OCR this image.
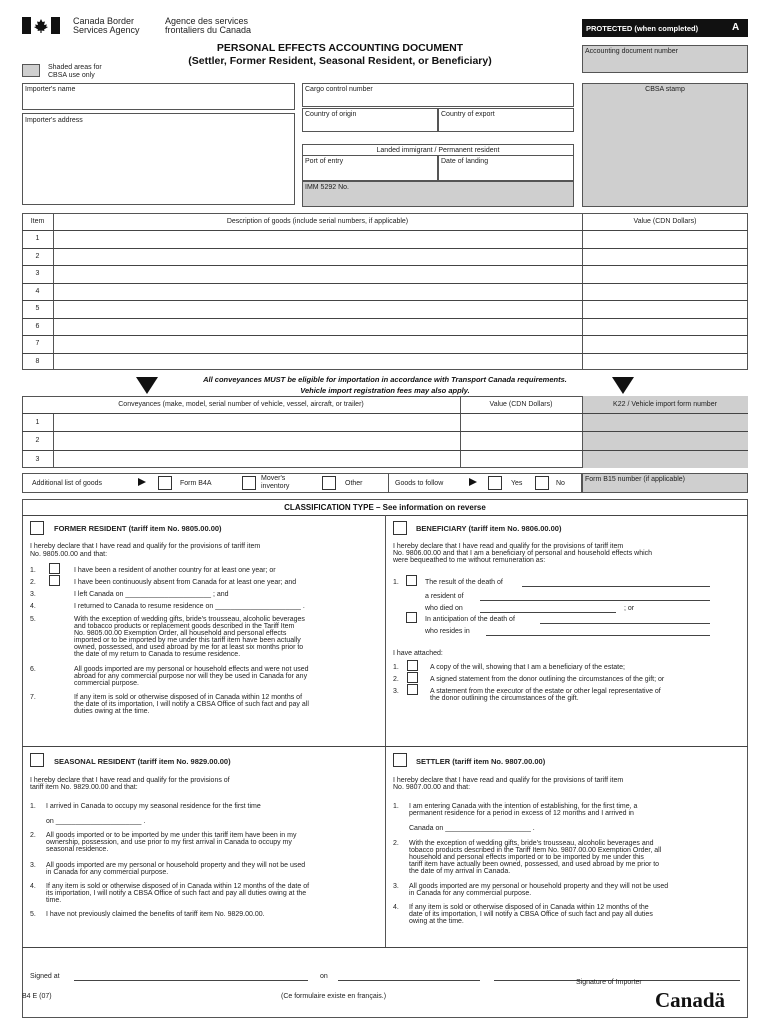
Canada Border
Services Agency
Agence des services
frontaliers du Canada	PROTECTED (when completed)	A
PERSONAL EFFECTS ACCOUNTING DOCUMENT
(Settler, Former Resident, Seasonal Resident, or Beneficiary)
Shaded areas for
CBSA use only
Accounting document number
Importer's name
Importer's address
Cargo control number
Country of origin	Country of export
Landed immigrant / Permanent resident
Port of entry	Date of landing
IMM 5292 No.
CBSA stamp
Item	Description of goods (include serial numbers, if applicable)	Value (CDN Dollars)
1
2
3
4
5
6
7
8
All conveyances MUST be eligible for importation in accordance with Transport Canada requirements.
Vehicle import registration fees may also apply.
Conveyances (make, model, serial number of vehicle, vessel, aircraft, or trailer)	Value (CDN Dollars)	K22 / Vehicle import form number
1
2
3
Additional list of goods	Form B4A
Mover's
inventory	Other	Goods to follow	Yes	No
Form B15 number (if applicable)
CLASSIFICATION TYPE – See information on reverse
FORMER RESIDENT (tariff item No. 9805.00.00)
I hereby declare that I have read and qualify for the provisions of tariff item
No. 9805.00.00 and that:
1.	I have been a resident of another country for at least one year; or
2.	I have been continuously absent from Canada for at least one year; and
3.	I left Canada on ______________________ ; and
4.	I returned to Canada to resume residence on ______________________ .
5.	With the exception of wedding gifts, bride's trousseau, alcoholic beverages
and tobacco products or replacement goods described in the Tariff Item
No. 9805.00.00 Exemption Order, all household and personal effects
imported or to be imported by me under this tariff item have been actually
owned, possessed, and used abroad by me for at least six months prior to
the date of my return to Canada to resume residence.
6.	All goods imported are my personal or household effects and were not used
abroad for any commercial purpose nor will they be used in Canada for any
commercial purpose.
7.	If any item is sold or otherwise disposed of in Canada within 12 months of
the date of its importation, I will notify a CBSA Office of such fact and pay all
duties owing at the time.
BENEFICIARY (tariff item No. 9806.00.00)
I hereby declare that I have read and qualify for the provisions of tariff item
No. 9806.00.00 and that I am a beneficiary of personal and household effects which
were bequeathed to me without remuneration as:
1.	The result of the death of
a resident of
who died on	; or
In anticipation of the death of
who resides in
I have attached:
1.	A copy of the will, showing that I am a beneficiary of the estate;
2.	A signed statement from the donor outlining the circumstances of the gift; or
3.	A statement from the executor of the estate or other legal representative of
the donor outlining the circumstances of the gift.
SEASONAL RESIDENT (tariff item No. 9829.00.00)
I hereby declare that I have read and qualify for the provisions of
tariff item No. 9829.00.00 and that:
1. I arrived in Canada to occupy my seasonal residence for the first time
on ______________________ .
2. All goods imported or to be imported by me under this tariff item have been in my
ownership, possession, and use prior to my first arrival in Canada to occupy my
seasonal residence.
3. All goods imported are my personal or household property and they will not be used
in Canada for any commercial purpose.
4. If any item is sold or otherwise disposed of in Canada within 12 months of the date of
its importation, I will notify a CBSA Office of such fact and pay all duties owing at the
time.
5. I have not previously claimed the benefits of tariff item No. 9829.00.00.
SETTLER (tariff item No. 9807.00.00)
I hereby declare that I have read and qualify for the provisions of tariff item
No. 9807.00.00 and that:
1. I am entering Canada with the intention of establishing, for the first time, a
permanent residence for a period in excess of 12 months and I arrived in
Canada on ______________________ .
2. With the exception of wedding gifts, bride's trousseau, alcoholic beverages and
tobacco products described in the Tariff Item No. 9807.00.00 Exemption Order, all
household and personal effects imported or to be imported by me under this
tariff item have actually been owned, possessed, and used abroad by me prior to
the date of my arrival in Canada.
3. All goods imported are my personal or household property and they will not be used
in Canada for any commercial purpose.
4. If any item is sold or otherwise disposed of in Canada within 12 months of the
date of its importation, I will notify a CBSA Office of such fact and pay all duties
owing at the time.
Signed at	on
Signature of Importer
B4 E (07)	(Ce formulaire existe en français.)	Canadä
